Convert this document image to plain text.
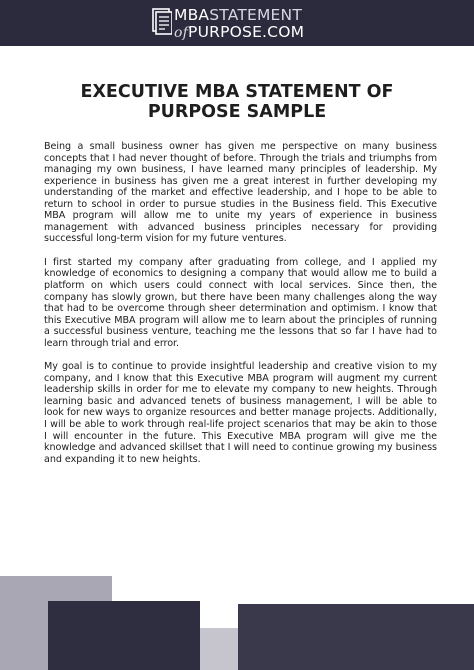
MBASTATEMENT
ofPURPOSE.COM
EXECUTIVE MBA STATEMENT OF
PURPOSE SAMPLE

Being a small business owner has given me perspective on many business concepts that I had never thought of before. Through the trials and triumphs from managing my own business, I have learned many principles of leadership. My experience in business has given me a great interest in further developing my understanding of the market and effective leadership, and I hope to be able to return to school in order to pursue studies in the Business field. This Executive MBA program will allow me to unite my years of experience in business management with advanced business principles necessary for providing successful long-term vision for my future ventures.

I first started my company after graduating from college, and I applied my knowledge of economics to designing a company that would allow me to build a platform on which users could connect with local services. Since then, the company has slowly grown, but there have been many challenges along the way that had to be overcome through sheer determination and optimism. I know that this Executive MBA program will allow me to learn about the principles of running a successful business venture, teaching me the lessons that so far I have had to learn through trial and error.

My goal is to continue to provide insightful leadership and creative vision to my company, and I know that this Executive MBA program will augment my current leadership skills in order for me to elevate my company to new heights. Through learning basic and advanced tenets of business management, I will be able to look for new ways to organize resources and better manage projects. Additionally, I will be able to work through real-life project scenarios that may be akin to those I will encounter in the future. This Executive MBA program will give me the knowledge and advanced skillset that I will need to continue growing my business and expanding it to new heights.
